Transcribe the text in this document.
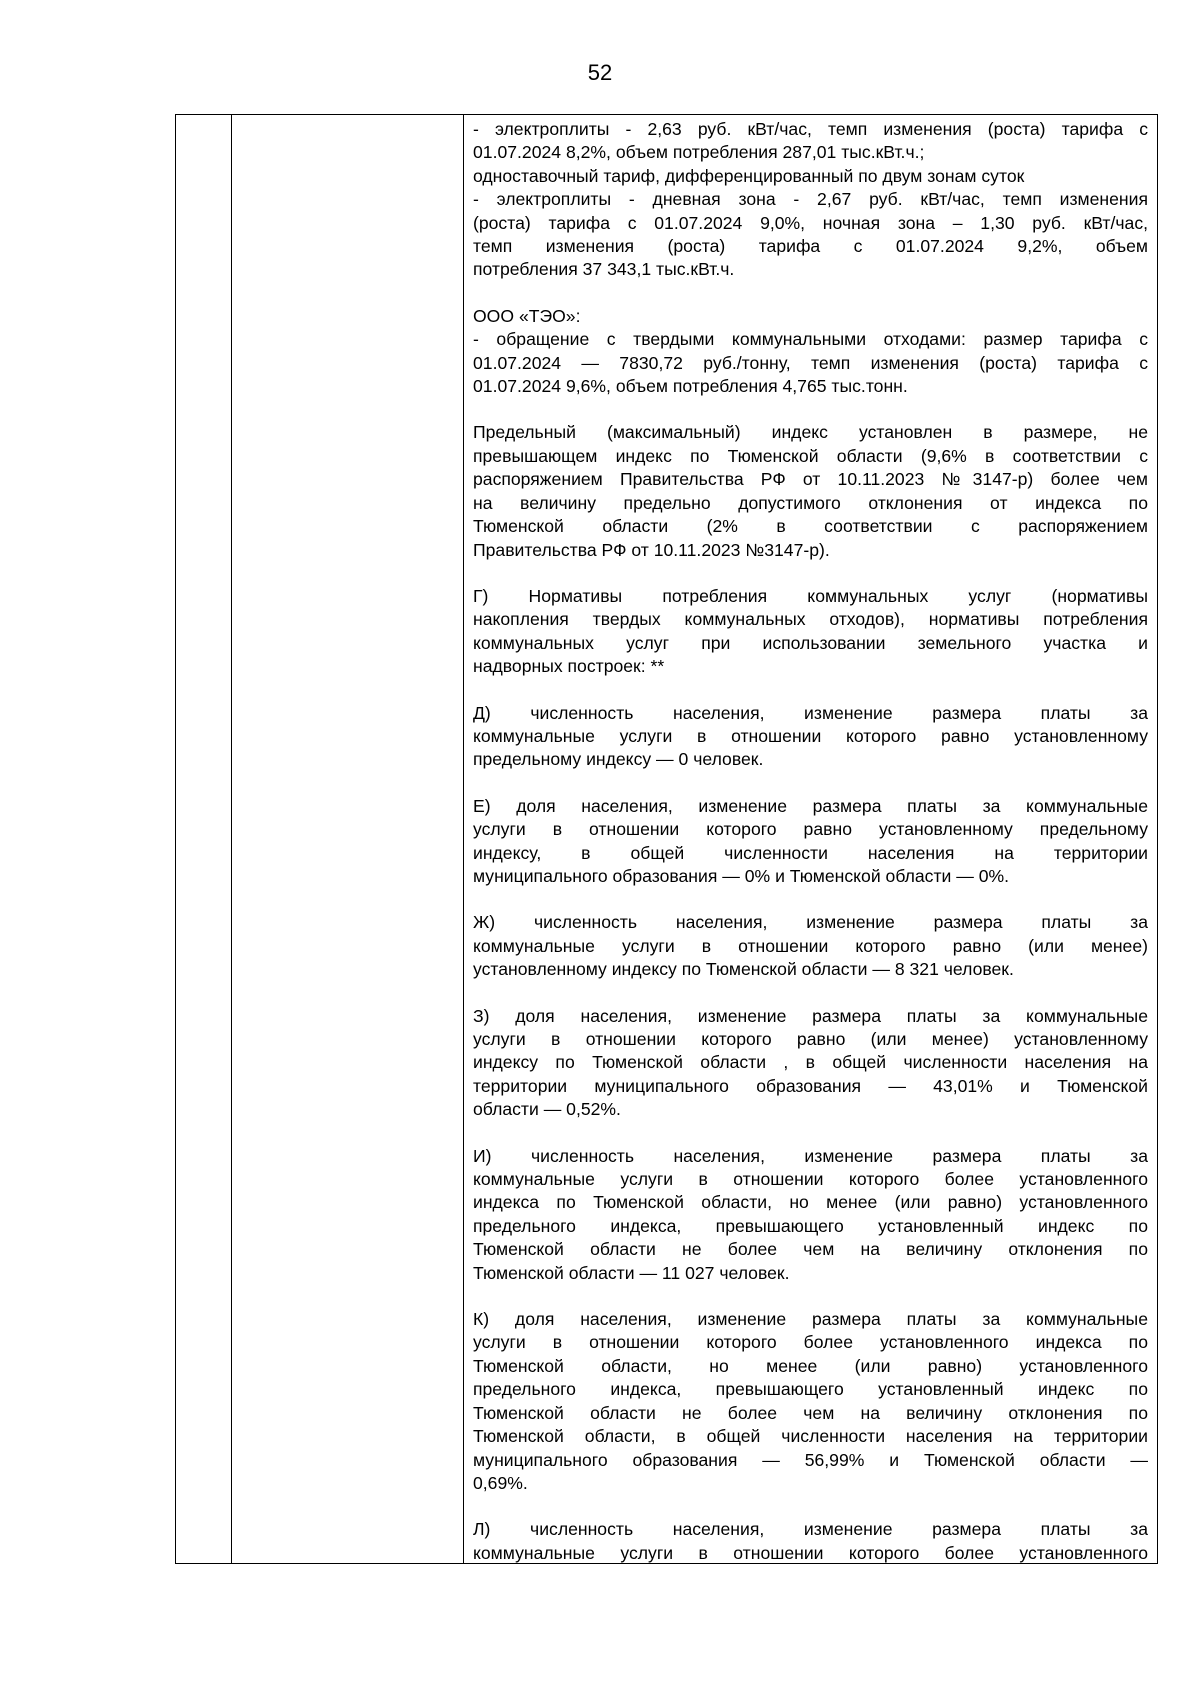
52

- электроплиты - 2,63 руб. кВт/час, темп изменения (роста) тарифа с
01.07.2024 8,2%, объем потребления 287,01 тыс.кВт.ч.;
одноставочный тариф, дифференцированный по двум зонам суток
- электроплиты - дневная зона - 2,67 руб. кВт/час, темп изменения
(роста) тарифа с 01.07.2024 9,0%, ночная зона – 1,30 руб. кВт/час,
темп изменения (роста) тарифа с 01.07.2024 9,2%, объем
потребления 37 343,1 тыс.кВт.ч.

ООО «ТЭО»:
- обращение с твердыми коммунальными отходами: размер тарифа с
01.07.2024 — 7830,72 руб./тонну, темп изменения (роста) тарифа с
01.07.2024 9,6%, объем потребления 4,765 тыс.тонн.

Предельный (максимальный) индекс установлен в размере, не
превышающем индекс по Тюменской области (9,6% в соответствии с
распоряжением Правительства РФ от 10.11.2023 №3147-р) более чем
на величину предельно допустимого отклонения от индекса по
Тюменской области (2% в соответствии с распоряжением
Правительства РФ от 10.11.2023 №3147-р).

Г) Нормативы потребления коммунальных услуг (нормативы
накопления твердых коммунальных отходов), нормативы потребления
коммунальных услуг при использовании земельного участка и
надворных построек: **

Д) численность населения, изменение размера платы за
коммунальные услуги в отношении которого равно установленному
предельному индексу — 0 человек.

Е) доля населения, изменение размера платы за коммунальные
услуги в отношении которого равно установленному предельному
индексу, в общей численности населения на территории
муниципального образования — 0% и Тюменской области — 0%.

Ж) численность населения, изменение размера платы за
коммунальные услуги в отношении которого равно (или менее)
установленному индексу по Тюменской области — 8 321 человек.

З) доля населения, изменение размера платы за коммунальные
услуги в отношении которого равно (или менее) установленному
индексу по Тюменской области , в общей численности населения на
территории муниципального образования — 43,01% и Тюменской
области — 0,52%.

И) численность населения, изменение размера платы за
коммунальные услуги в отношении которого более установленного
индекса по Тюменской области, но менее (или равно) установленного
предельного индекса, превышающего установленный индекс по
Тюменской области не более чем на величину отклонения по
Тюменской области — 11 027 человек.

К) доля населения, изменение размера платы за коммунальные
услуги в отношении которого более установленного индекса по
Тюменской области, но менее (или равно) установленного
предельного индекса, превышающего установленный индекс по
Тюменской области не более чем на величину отклонения по
Тюменской области, в общей численности населения на территории
муниципального образования — 56,99% и Тюменской области —
0,69%.

Л) численность населения, изменение размера платы за
коммунальные услуги в отношении которого более установленного
